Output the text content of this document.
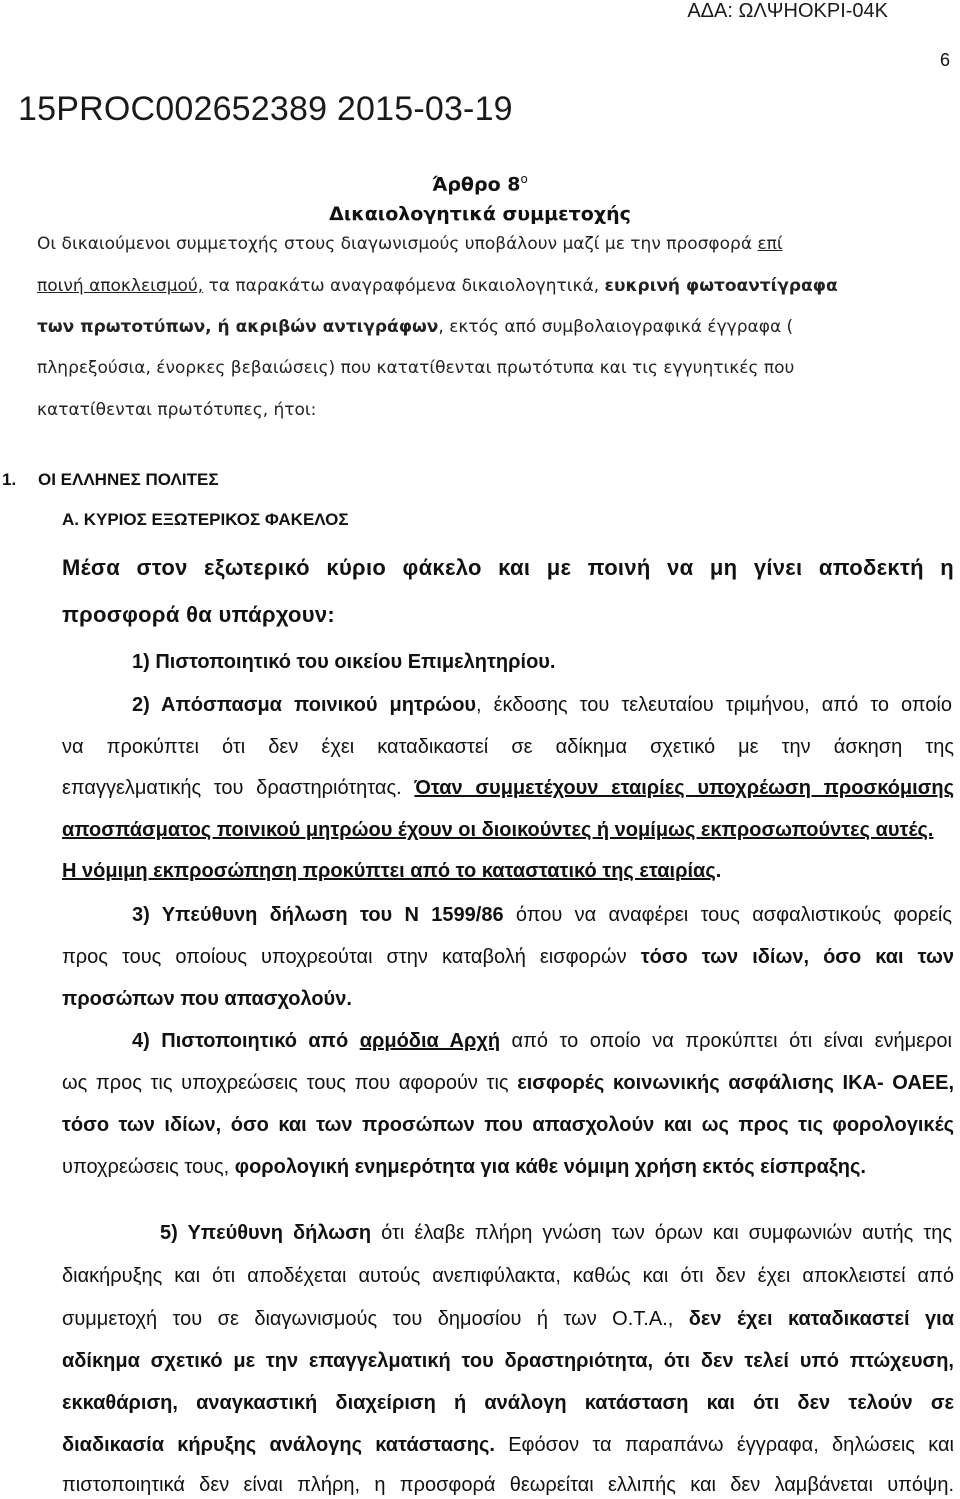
ΑΔΑ: ΩΛΨΗΟΚΡΙ-04Κ
6
15PROC002652389 2015-03-19
Άρθρο $8^o$
Δικαιολογητικά συμμετοχής
Οι δικαιούμενοι συμμετοχής στους διαγωνισμούς υποβάλουν μαζί με την προσφορά επί
ποινή αποκλεισμού, τα παρακάτω αναγραφόμενα δικαιολογητικά, ευκρινή φωτοαντίγραφα
των πρωτοτύπων, ή ακριβών αντιγράφων, εκτός από συμβολαιογραφικά έγγραφα (
πληρεξούσια, ένορκες βεβαιώσεις) που κατατίθενται πρωτότυπα και τις εγγυητικές που
κατατίθενται πρωτότυπες, ήτοι:
1. ΟΙ ΕΛΛΗΝΕΣ ΠΟΛΙΤΕΣ
Α. ΚΥΡΙΟΣ ΕΞΩΤΕΡΙΚΟΣ ΦΑΚΕΛΟΣ
Μέσα στον εξωτερικό κύριο φάκελο και με ποινή να μη γίνει αποδεκτή η
προσφορά θα υπάρχουν:
1) Πιστοποιητικό του οικείου Επιμελητηρίου.
2) Απόσπασμα ποινικού μητρώου, έκδοσης του τελευταίου τριμήνου, από το οποίο
να προκύπτει ότι δεν έχει καταδικαστεί σε αδίκημα σχετικό με την άσκηση της
επαγγελματικής του δραστηριότητας. Όταν συμμετέχουν εταιρίες υποχρέωση προσκόμισης
αποσπάσματος ποινικού μητρώου έχουν οι διοικούντες ή νομίμως εκπροσωπούντες αυτές.
Η νόμιμη εκπροσώπηση προκύπτει από το καταστατικό της εταιρίας.
3) Υπεύθυνη δήλωση του Ν 1599/86 όπου να αναφέρει τους ασφαλιστικούς φορείς
προς τους οποίους υποχρεούται στην καταβολή εισφορών τόσο των ιδίων, όσο και των
προσώπων που απασχολούν.
4) Πιστοποιητικό από αρμόδια Αρχή από το οποίο να προκύπτει ότι είναι ενήμεροι
ως προς τις υποχρεώσεις τους που αφορούν τις εισφορές κοινωνικής ασφάλισης ΙΚΑ- ΟΑΕΕ,
τόσο των ιδίων, όσο και των προσώπων που απασχολούν και ως προς τις φορολογικές
υποχρεώσεις τους, φορολογική ενημερότητα για κάθε νόμιμη χρήση εκτός είσπραξης.
5) Υπεύθυνη δήλωση ότι έλαβε πλήρη γνώση των όρων και συμφωνιών αυτής της
διακήρυξης και ότι αποδέχεται αυτούς ανεπιφύλακτα, καθώς και ότι δεν έχει αποκλειστεί από
συμμετοχή του σε διαγωνισμούς του δημοσίου ή των Ο.Τ.Α., δεν έχει καταδικαστεί για
αδίκημα σχετικό με την επαγγελματική του δραστηριότητα, ότι δεν τελεί υπό πτώχευση,
εκκαθάριση, αναγκαστική διαχείριση ή ανάλογη κατάσταση και ότι δεν τελούν σε
διαδικασία κήρυξης ανάλογης κατάστασης. Εφόσον τα παραπάνω έγγραφα, δηλώσεις και
πιστοποιητικά δεν είναι πλήρη, η προσφορά θεωρείται ελλιπής και δεν λαμβάνεται υπόψη.
